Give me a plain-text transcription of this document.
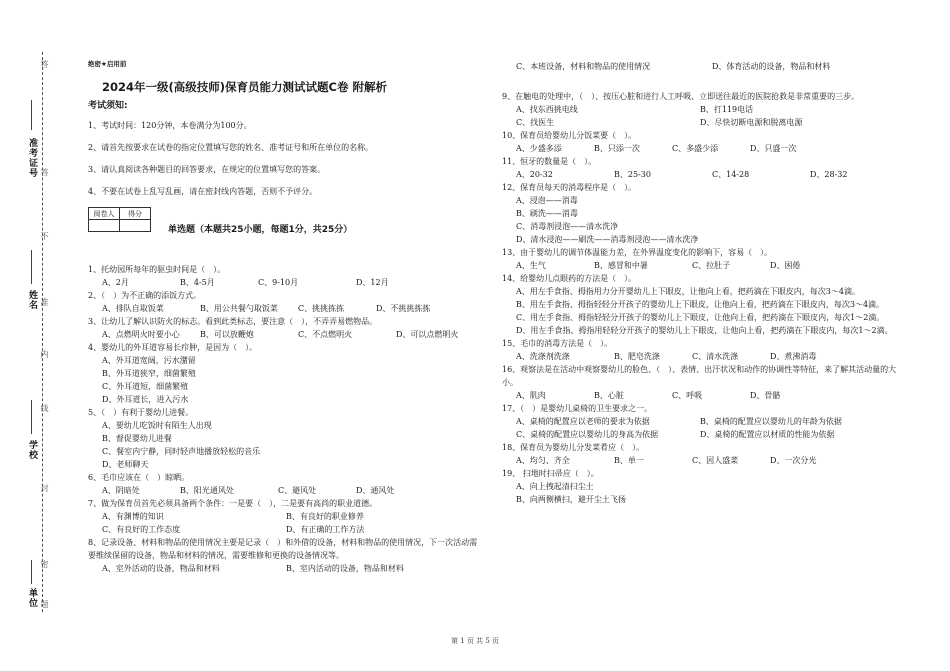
准考证号
姓名
学校
单位
答
封
线
内
不
密
准
答
题
绝密★启用前
2024年一级(高级技师)保育员能力测试试题C卷 附解析
考试须知:
1、考试时间：120分钟，本卷满分为100分。
2、请首先按要求在试卷的指定位置填写您的姓名、准考证号和所在单位的名称。
3、请认真阅读各种题目的回答要求，在规定的位置填写您的答案。
4、不要在试卷上乱写乱画，请在密封线内答题，否则不予评分。
阅卷人	得分

单选题（本题共25小题，每题1分，共25分）
1、托幼园所每年的驱虫时间是（　）。
A、2月	B、4-5月	C、9-10月	D、12月
2、（　）为不正确的添饭方式。
A、排队自取饭菜	B、用公共餐勺取饭菜	C、挑挑拣拣	D、不挑挑拣拣
3、让幼儿了解认识防火的标志。看到此类标志，要注意（　），不弄弄易燃物品。
A、点燃明火时要小心	B、可以放鞭炮	C、不点燃明火	D、可以点燃明火
4、婴幼儿的外耳道容易长疖肿，是因为（　）。
A、外耳道宽阔，污水潴留
B、外耳道狭窄，细菌繁殖
C、外耳道短，细菌繁殖
D、外耳道长，进入污水
5、（　）有利于婴幼儿进餐。
A、要幼儿吃饭时有陌生人出现
B、督促婴幼儿进餐
C、餐室内宁静，同时轻声地播放轻松的音乐
D、老师聊天
6、毛巾应该在（　）晾晒。
A、阴暗处	B、阳光通风处	C、避风处	D、通风处
7、做为保育员首先必须具备两个条件：一是要（　），二是要有高尚的职业道德。
A、有渊博的知识	B、有良好的职业修养
C、有良好的工作态度	D、有正确的工作方法
8、记录设备、材料和物品的使用情况主要是记录（　）和外借的设备，材料和物品的使用情况，下一次活动需要维续保留的设备，物品和材料的情况，需要维修和更换的设备情况等。
A、室外活动的设备，物品和材料	B、室内活动的设备，物品和材料
C、本班设备，材料和物品的使用情况	D、体育活动的设备，物品和材料
9、在触电的处理中，（　）、按压心脏和进行人工呼吸、立即送往最近的医院抢救是非常重要的三步。
A、找东西挑电线	B、打119电话
C、找医生	D、尽快切断电源和脱离电源
10、保育员给婴幼儿分饭菜要（　）。
A、少盛多添	B、只添一次	C、多盛少添	D、只盛一次
11、恒牙的数量是（　）。
A、20-32	B、25-30	C、14-28	D、28-32
12、保育员每天的消毒程序是（　）。
A、浸泡——消毒
B、刷洗——消毒
C、消毒剂浸泡——清水洗净
D、清水浸泡——刷洗——消毒剂浸泡——清水洗净
13、由于婴幼儿的调节体温能力差，在外界温度变化的影响下，容易（　）。
A、生气	B、感冒和中暑	C、拉肚子	D、困倦
14、给婴幼儿点眼药的方法是（　）。
A、用左手食指、拇指用力分开婴幼儿上下眼皮，让他向上看，把药滴在下眼皮内，每次3～4滴。
B、用左手食指、拇指轻轻分开孩子的婴幼儿上下眼皮，让他向上看，把药滴在下眼皮内，每次3～4滴。
C、用左手食指、拇指轻轻分开孩子的婴幼儿上下眼皮，让他向上看，把药滴在下眼皮内，每次1～2滴。
D、用左手食指、拇指用轻轻分开孩子的婴幼儿上下眼皮，让他向上看，把药滴在下眼皮内，每次1～2滴。
15、毛巾的消毒方法是（　）。
A、洗涤剂洗涤	B、肥皂洗涤	C、清水洗涤	D、煮沸消毒
16、观察法是在活动中观察婴幼儿的脸色、（　）、表情、出汗状况和动作的协调性等特征，来了解其活动量的大小。
A、肌肉	B、心脏	C、呼吸	D、骨骼
17、（　）是婴幼儿桌椅的卫生要求之一。
A、桌椅的配置应以老师的要求为依据	B、桌椅的配置应以婴幼儿的年龄为依据
C、桌椅的配置应以婴幼儿的身高为依据	D、桌椅的配置应以材质的性能为依据
18、保育员为婴幼儿分发菜肴应（　）。
A、均匀、齐全	B、单一	C、因人盛菜	D、一次分光
19、 扫地时扫帚应（　）。
A、向上拽起清扫尘土
B、向两侧横扫，避开尘土飞扬
第 1 页 共 5 页
